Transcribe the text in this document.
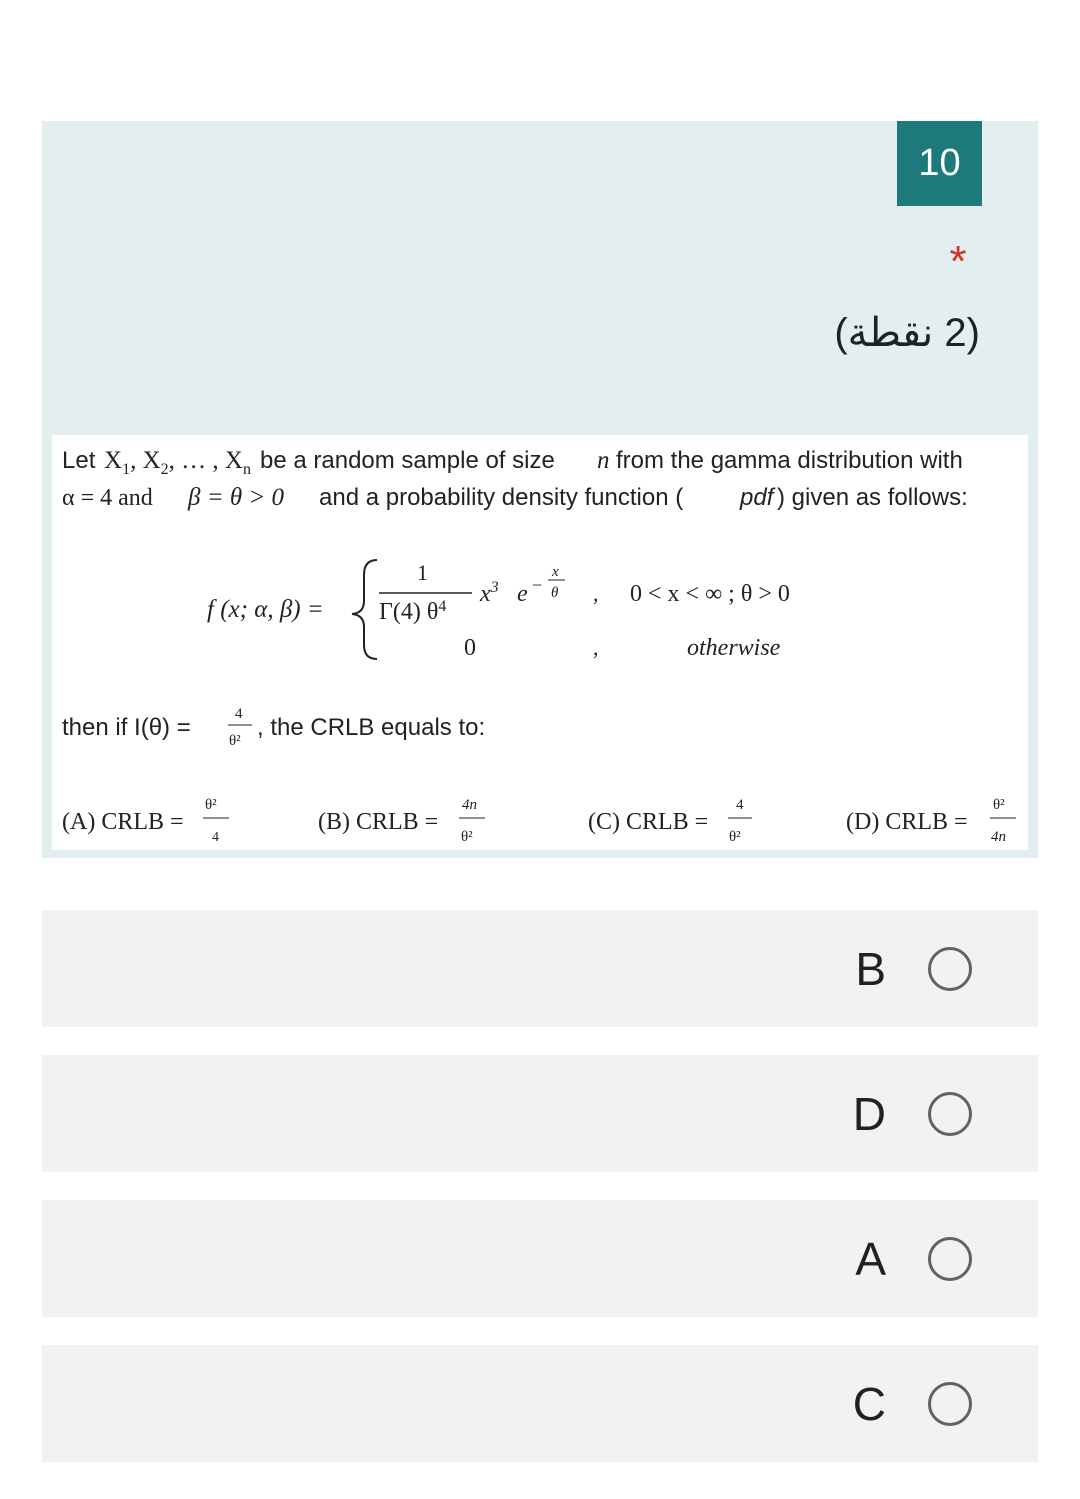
10
*
(2 نقطة)
Let $X_1$, $X_2$, … , $X_n$ be a random sample of size n from the gamma distribution with
α = 4 and β = θ > 0 and a probability density function ( pdf ) given as follows:
f (x; α, β) =
1
Γ(4) $\theta^4$ $x^3$ e −
x
θ , 0 < x < ∞ ; θ > 0
0	,	otherwise
then if I(θ) =	4
θ² , the CRLB equals to:
(A) CRLB =
θ²
4
(B) CRLB =
4n
θ²
(C) CRLB =
4
θ²
(D) CRLB =
θ²
4n
B
D
A
C
